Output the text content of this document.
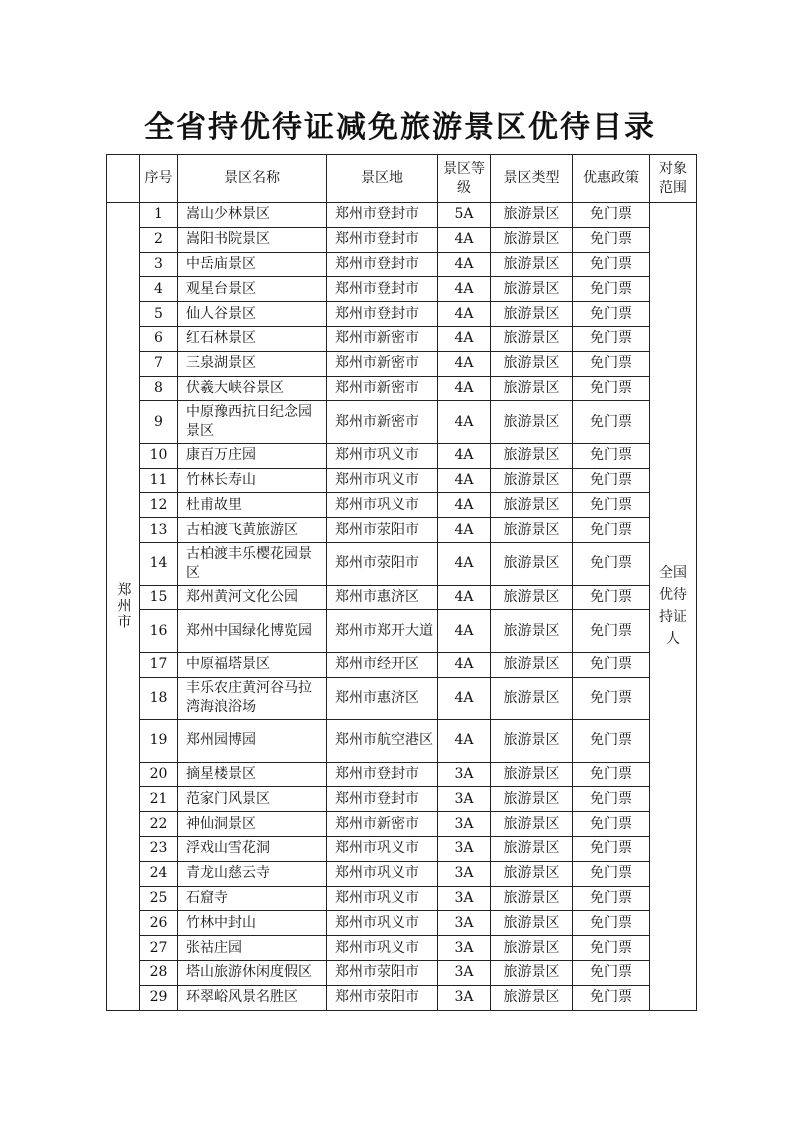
全省持优待证减免旅游景区优待目录
	序号	景区名称	景区地	景区等级	景区类型	优惠政策	对象范围

郑州市	1	嵩山少林景区	郑州市登封市	5A	旅游景区	免门票	全国优待持证人

	2	嵩阳书院景区	郑州市登封市	4A	旅游景区	免门票	
	3	中岳庙景区	郑州市登封市	4A	旅游景区	免门票	
	4	观星台景区	郑州市登封市	4A	旅游景区	免门票	
	5	仙人谷景区	郑州市登封市	4A	旅游景区	免门票	
	6	红石林景区	郑州市新密市	4A	旅游景区	免门票	
	7	三泉湖景区	郑州市新密市	4A	旅游景区	免门票	
	8	伏羲大峡谷景区	郑州市新密市	4A	旅游景区	免门票	
	9	中原豫西抗日纪念园景区	郑州市新密市	4A	旅游景区	免门票	
	10	康百万庄园	郑州市巩义市	4A	旅游景区	免门票	
	11	竹林长寿山	郑州市巩义市	4A	旅游景区	免门票	
	12	杜甫故里	郑州市巩义市	4A	旅游景区	免门票	
	13	古柏渡飞黄旅游区	郑州市荥阳市	4A	旅游景区	免门票	
	14	古柏渡丰乐樱花园景区	郑州市荥阳市	4A	旅游景区	免门票	
	15	郑州黄河文化公园	郑州市惠济区	4A	旅游景区	免门票	
	16	郑州中国绿化博览园	郑州市郑开大道	4A	旅游景区	免门票	
	17	中原福塔景区	郑州市经开区	4A	旅游景区	免门票	
	18	丰乐农庄黄河谷马拉湾海浪浴场	郑州市惠济区	4A	旅游景区	免门票	
	19	郑州园博园	郑州市航空港区	4A	旅游景区	免门票	
	20	摘星楼景区	郑州市登封市	3A	旅游景区	免门票	
	21	范家门风景区	郑州市登封市	3A	旅游景区	免门票	
	22	神仙洞景区	郑州市新密市	3A	旅游景区	免门票	
	23	浮戏山雪花洞	郑州市巩义市	3A	旅游景区	免门票	
	24	青龙山慈云寺	郑州市巩义市	3A	旅游景区	免门票	
	25	石窟寺	郑州市巩义市	3A	旅游景区	免门票	
	26	竹林中封山	郑州市巩义市	3A	旅游景区	免门票	
	27	张祜庄园	郑州市巩义市	3A	旅游景区	免门票	
	28	塔山旅游休闲度假区	郑州市荥阳市	3A	旅游景区	免门票	
	29	环翠峪风景名胜区	郑州市荥阳市	3A	旅游景区	免门票	
